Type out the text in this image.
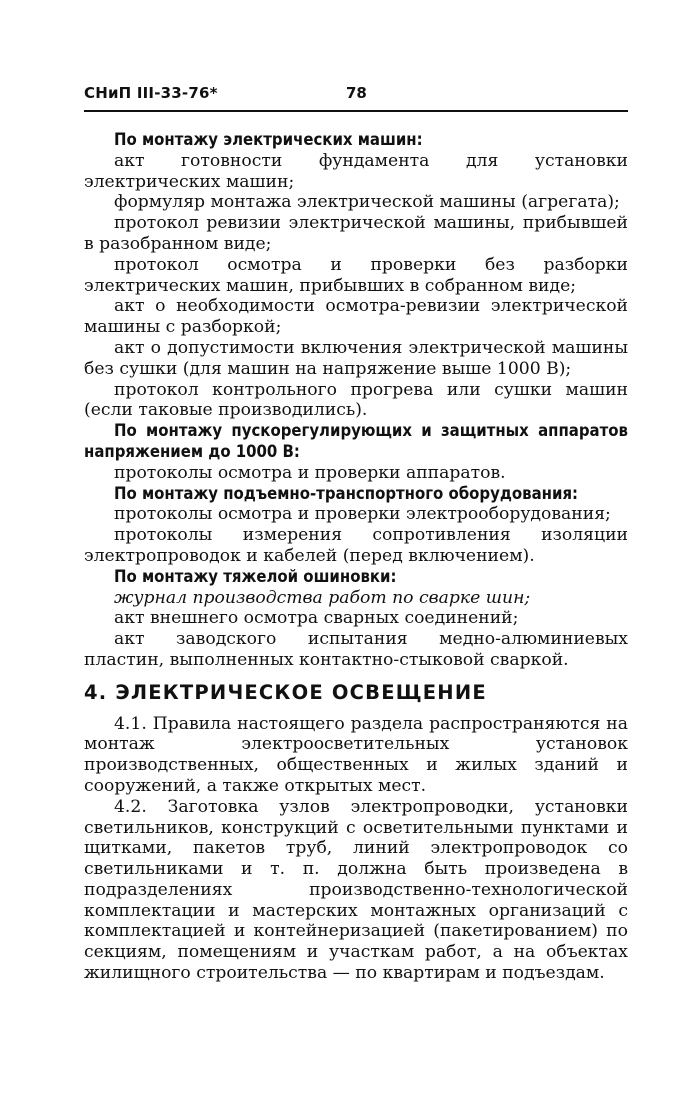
СНиП III-33-76*	78

По монтажу электрических машин:

акт готовности фундамента для установки электрических машин;

формуляр монтажа электрической машины (агрегата);

протокол ревизии электрической машины, прибывшей в разобранном виде;

протокол осмотра и проверки без разборки электрических машин, прибывших в собранном виде;

акт о необходимости осмотра-ревизии электрической машины с разборкой;

акт о допустимости включения электрической машины без сушки (для машин на напряжение выше 1000 В);

протокол контрольного прогрева или сушки машин (если таковые производились).

По монтажу пускорегулирующих и защитных аппаратов напряжением до 1000 В:

протоколы осмотра и проверки аппаратов.

По монтажу подъемно-транспортного оборудования:

протоколы осмотра и проверки электрооборудования;

протоколы измерения сопротивления изоляции электропроводок и кабелей (перед включением).

По монтажу тяжелой ошиновки:

журнал производства работ по сварке шин;

акт внешнего осмотра сварных соединений;

акт заводского испытания медно-алюминиевых пластин, выполненных контактно-стыковой сваркой.

4. ЭЛЕКТРИЧЕСКОЕ ОСВЕЩЕНИЕ

4.1. Правила настоящего раздела распространяются на монтаж электроосветительных установок производственных, общественных и жилых зданий и сооружений, а также открытых мест.

4.2. Заготовка узлов электропроводки, установки светильников, конструкций с осветительными пунктами и щитками, пакетов труб, линий электропроводок со светильниками и т. п. должна быть произведена в подразделениях производственно-технологической комплектации и мастерских монтажных организаций с комплектацией и контейнеризацией (пакетированием) по секциям, помещениям и участкам работ, а на объектах жилищного строительства — по квартирам и подъездам.
